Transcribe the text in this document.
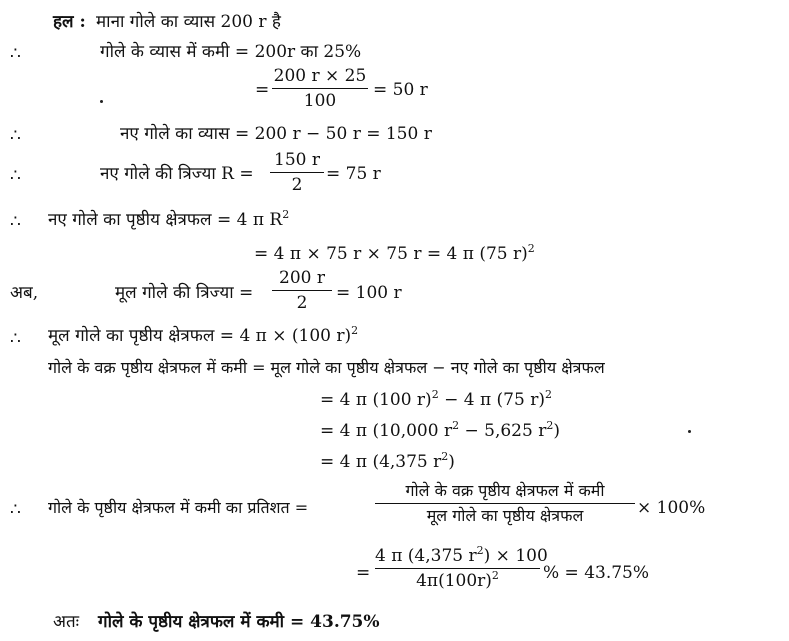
हल : माना गोले का व्यास 200 r है
∴	गोले के व्यास में कमी = 200r का 25%
=
200 r × 25
100
= 50 r
∴	नए गोले का व्यास = 200 r − 50 r = 150 r
∴	नए गोले की त्रिज्या R =
150 r
2
= 75 r
∴ नए गोले का पृष्ठीय क्षेत्रफल = 4 π $R^2$
= 4 π × 75 r × 75 r = 4 π (75 r)$^2$
अब,	मूल गोले की त्रिज्या =
200 r
2	= 100 r
∴ मूल गोले का पृष्ठीय क्षेत्रफल = 4 π × (100 r)$^2$
गोले के वक्र पृष्ठीय क्षेत्रफल में कमी = मूल गोले का पृष्ठीय क्षेत्रफल − नए गोले का पृष्ठीय क्षेत्रफल
= 4 π (100 r)$^2$ − 4 π (75 r)$^2$
= 4 π (10,000 $r^2 - 5,625$ $r^2$)
= 4 π (4,375 $r^2$)
∴ गोले के पृष्ठीय क्षेत्रफल में कमी का प्रतिशत =
गोले के वक्र पृष्ठीय क्षेत्रफल में कमी
मूल गोले का पृष्ठीय क्षेत्रफल	× 100%
=
4 π (4,375 $r^2) \times 100$
$4\pi(100r)^2$	% = 43.75%
अतः गोले के पृष्ठीय क्षेत्रफल में कमी = 43.75%
